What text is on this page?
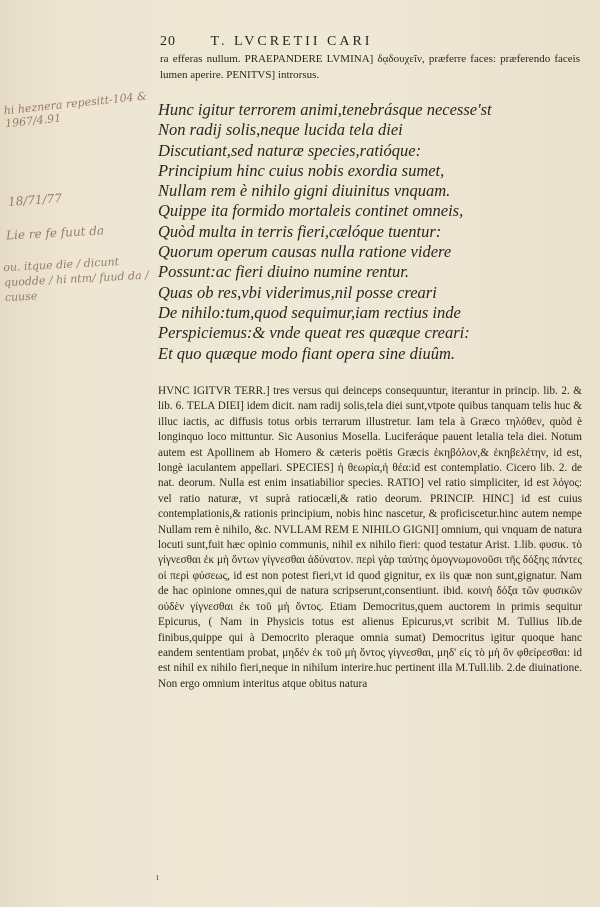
20 T. LVCRETII CARI
ra efferas nullum. PRAEPANDERE LVMINA] δᾳδουχεῖν, præferre faces: præferendo faceis lumen aperire. PENITVS] introrsus.
hi heznera repesitt-104 & 1967/4.91
18/71/77
Lie re fe fuut da
ou. itque die / dicunt quodde / hi ntm/ fuud da / cuuse
Hunc igitur terrorem animi,tenebrásque necesse'st
Non radij solis,neque lucida tela diei
Discutiant,sed naturæ species,ratióque:
Principium hinc cuius nobis exordia sumet,
Nullam rem è nihilo gigni diuinitus vnquam.
Quippe ita formido mortaleis continet omneis,
Quòd multa in terris fieri,cælóque tuentur:
Quorum operum causas nulla ratione videre
Possunt:ac fieri diuino numine rentur.
Quas ob res,vbi viderimus,nil posse creari
De nihilo:tum,quod sequimur,iam rectius inde
Perspiciemus:& vnde queat res quæque creari:
Et quo quæque modo fiant opera sine diuûm.

HVNC IGITVR TERR.] tres versus qui deinceps consequuntur, iterantur in princip. lib. 2. & lib. 6. TELA DIEI] idem dicit. nam radij solis,tela diei sunt,vtpote quibus tanquam telis huc & illuc iactis, ac diffusis totus orbis terrarum illustretur. Iam tela à Græco τηλόθεν, quòd è longinquo loco mittuntur. Sic Ausonius Mosella. Luciferáque pauent letalia tela diei. Notum autem est Apollinem ab Homero & cæteris poëtis Græcis ἑκηβόλον,& ἑκηβελέτην, id est, longè iaculantem appellari. SPECIES] ἡ θεωρία,ἡ θέα:id est contemplatio. Cicero lib. 2. de nat. deorum. Nulla est enim insatiabilior species. RATIO] vel ratio simpliciter, id est λόγος: vel ratio naturæ, vt suprà ratiocæli,& ratio deorum. PRINCIP. HINC] id est cuius contemplationis,& rationis principium, nobis hinc nascetur, & proficiscetur.hinc autem nempe Nullam rem è nihilo, &c. NVLLAM REM E NIHILO GIGNI] omnium, qui vnquam de natura locuti sunt,fuit hæc opinio communis, nihil ex nihilo fieri: quod testatur Arist. 1.lib. φυσικ. τὸ γίγνεσθαι ἐκ μὴ ὄντων γίγνεσθαι ἀδύνατον. περὶ γὰρ ταύτης ὁμογνωμονοῦσι τῆς δόξης πάντες οἱ περὶ φύσεως, id est non potest fieri,vt id quod gignitur, ex iis quæ non sunt,gignatur. Nam de hac opinione omnes,qui de natura scripserunt,consentiunt. ibid. κοινὴ δόξα τῶν φυσικῶν οὐδὲν γίγνεσθαι ἐκ τοῦ μὴ ὄντος. Etiam Democritus,quem auctorem in primis sequitur Epicurus, ( Nam in Physicis totus est alienus Epicurus,vt scribit M. Tullius lib.de finibus,quippe qui à Democrito pleraque omnia sumat) Democritus igitur quoque hanc eandem sententiam probat, μηδέν ἐκ τοῦ μὴ ὄντος γίγνεσθαι, μηδ' εἰς τὸ μὴ ὂν φθείρεσθαι: id est nihil ex nihilo fieri,neque in nihilum interire.huc pertinent illa M.Tull.lib. 2.de diuinatione. Non ergo omnium interitus atque obitus natura

ı
